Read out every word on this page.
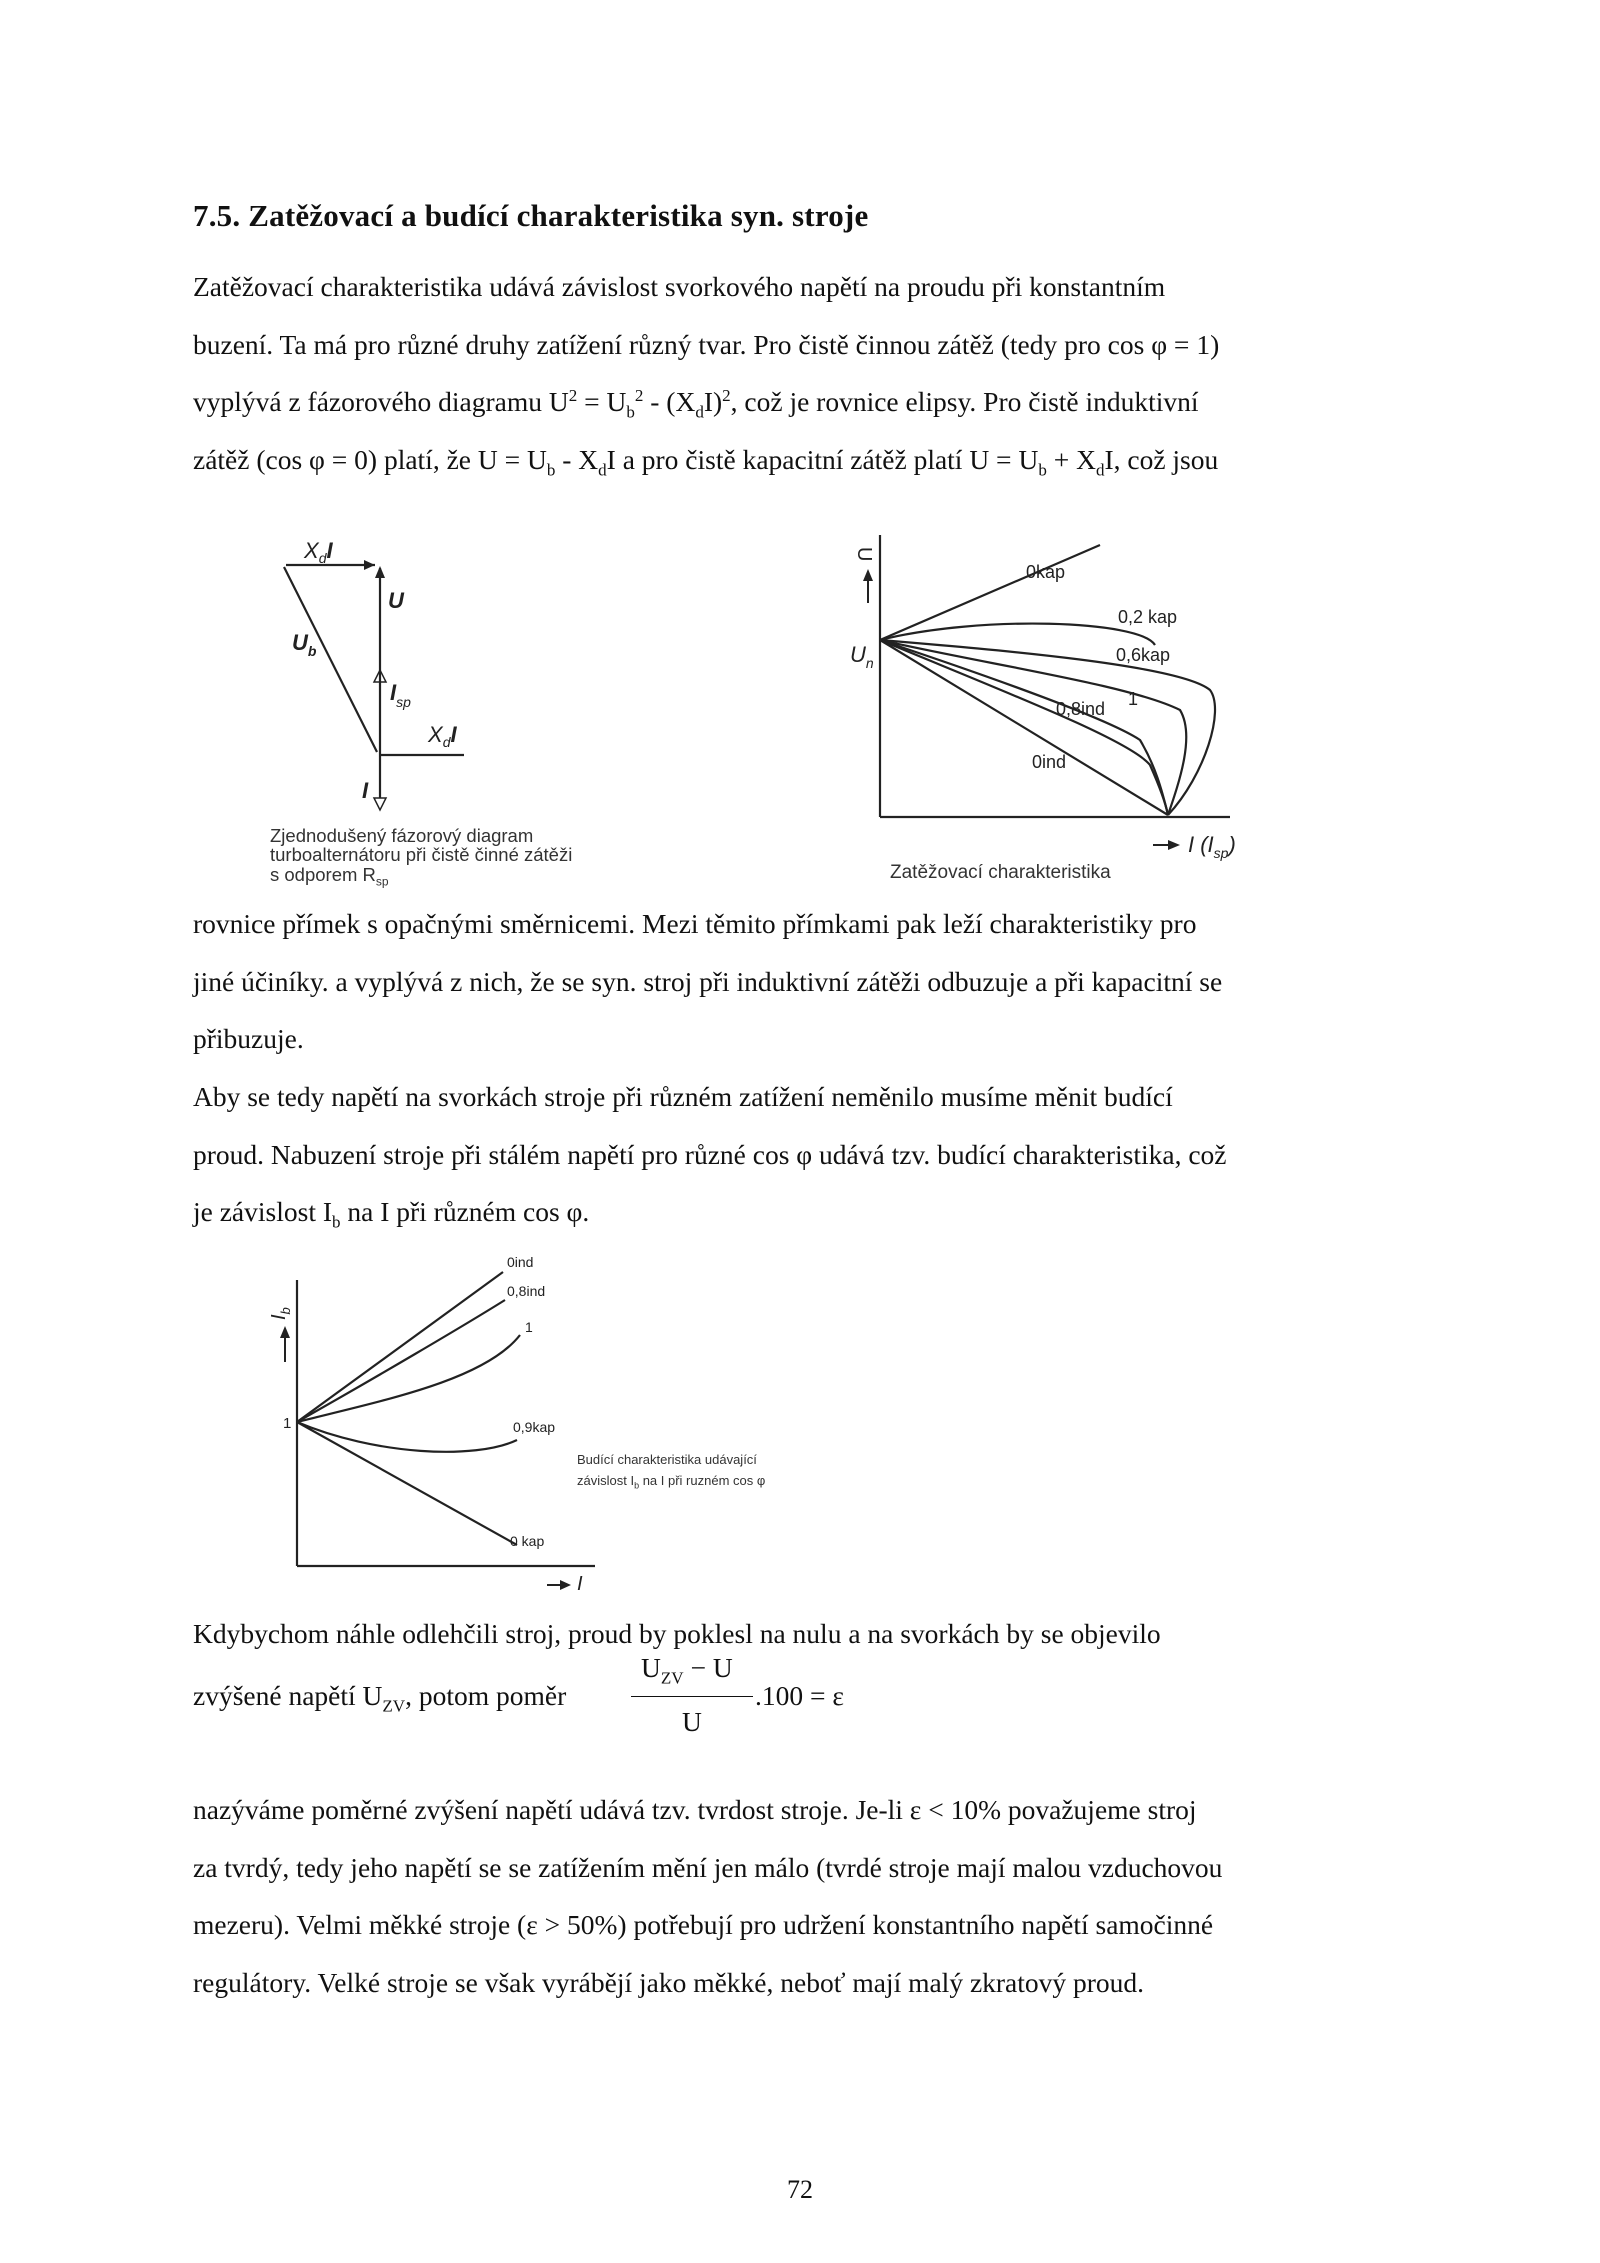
7.5. Zatěžovací a budící charakteristika syn. stroje

Zatěžovací charakteristika udává závislost svorkového napětí na proudu při konstantním

buzení. Ta má pro různé druhy zatížení různý tvar. Pro čistě činnou zátěž (tedy pro cos φ = 1)

vyplývá z fázorového diagramu $U^2 = U_b^2 - (X_dI)^2$, což je rovnice elipsy. Pro čistě induktivní

zátěž (cos φ = 0) platí, že $U = U_b - X_dI$ a pro čistě kapacitní zátěž platí $U = U_b + X_dI$, což jsou

$X_dI$
U
$U_b$
$I_{sp}$
$X_dI$
I
Zjednodušený fázorový diagram
turboalternátoru při čistě činné zátěži
s odporem $R_{sp}$
U
$U_n$
0kap
0,2 kap
0,6kap
0,8ind 1
0ind
I $(I_{sp})$
Zatěžovací charakteristika

rovnice přímek s opačnými směrnicemi. Mezi těmito přímkami pak leží charakteristiky pro

jiné účiníky. a vyplývá z nich, že se syn. stroj při induktivní zátěži odbuzuje a při kapacitní se

přibuzuje.

Aby se tedy napětí na svorkách stroje při různém zatížení neměnilo musíme měnit budící

proud. Nabuzení stroje při stálém napětí pro různé cos φ udává tzv. budící charakteristika, což

je závislost $I_b$ na I při různém cos φ.

$I_b$
1
0ind
0,8ind
1
0,9kap
0 kap
I
Budící charakteristika udávající
závislost $I_b$ na I při ruzném cos φ

Kdybychom náhle odlehčili stroj, proud by poklesl na nulu a na svorkách by se objevilo

zvýšené napětí $U_{ZV}$, potom poměr
$U_{ZV} - U$
U
.100 = ε

nazýváme poměrné zvýšení napětí udává tzv. tvrdost stroje. Je-li ε < 10% považujeme stroj

za tvrdý, tedy jeho napětí se se zatížením mění jen málo (tvrdé stroje mají malou vzduchovou

mezeru). Velmi měkké stroje (ε > 50%) potřebují pro udržení konstantního napětí samočinné

regulátory. Velké stroje se však vyrábějí jako měkké, neboť mají malý zkratový proud.

72
